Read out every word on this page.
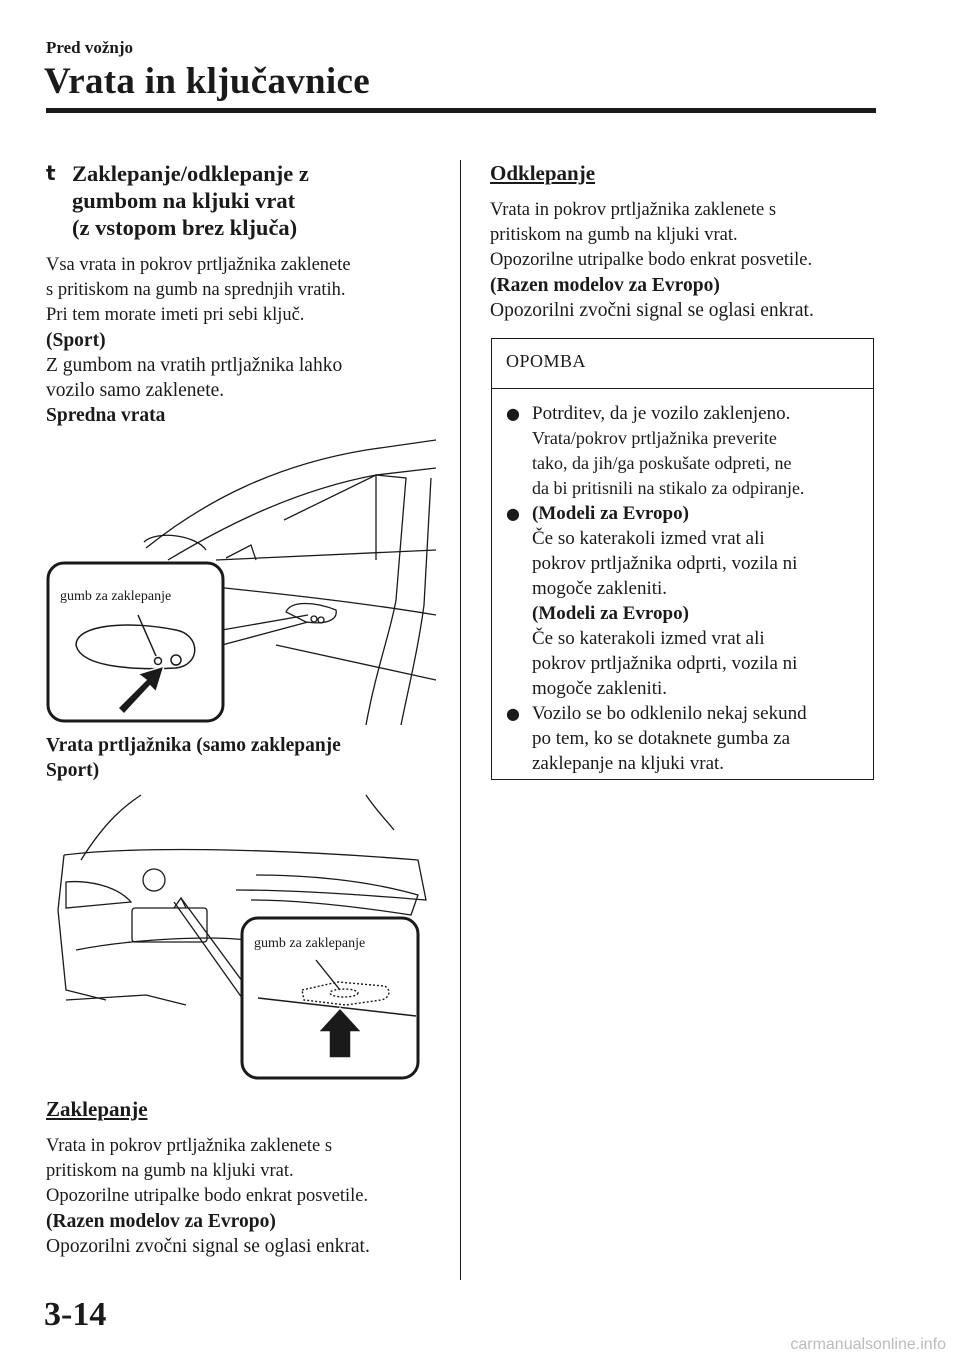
Pred vožnjo
Vrata in ključavnice
t Zaklepanje/odklepanje z
gumbom na kljuki vrat
(z vstopom brez ključa)

Vsa vrata in pokrov prtljažnika zaklenete
s pritiskom na gumb na sprednjih vratih.
Pri tem morate imeti pri sebi ključ.

(Sport)

Z gumbom na vratih prtljažnika lahko
vozilo samo zaklenete.

Spredna vrata

gumb za zaklepanje
Vrata prtljažnika (samo zaklepanje
Sport)
gumb za zaklepanje
Zaklepanje

Vrata in pokrov prtljažnika zaklenete s
pritiskom na gumb na kljuki vrat.
Opozorilne utripalke bodo enkrat posvetile.

(Razen modelov za Evropo)

Opozorilni zvočni signal se oglasi enkrat.

Odklepanje

Vrata in pokrov prtljažnika zaklenete s
pritiskom na gumb na kljuki vrat.
Opozorilne utripalke bodo enkrat posvetile.

(Razen modelov za Evropo)

Opozorilni zvočni signal se oglasi enkrat.

OPOMBA
● Potrditev, da je vozilo zaklenjeno.
Vrata/pokrov prtljažnika preverite
tako, da jih/ga poskušate odpreti, ne
da bi pritisnili na stikalo za odpiranje.
● (Modeli za Evropo)
Če so katerakoli izmed vrat ali
pokrov prtljažnika odprti, vozila ni
mogoče zakleniti.
(Modeli za Evropo)
Če so katerakoli izmed vrat ali
pokrov prtljažnika odprti, vozila ni
mogoče zakleniti.
● Vozilo se bo odklenilo nekaj sekund
po tem, ko se dotaknete gumba za
zaklepanje na kljuki vrat.
3-14
carmanualsonline.info
